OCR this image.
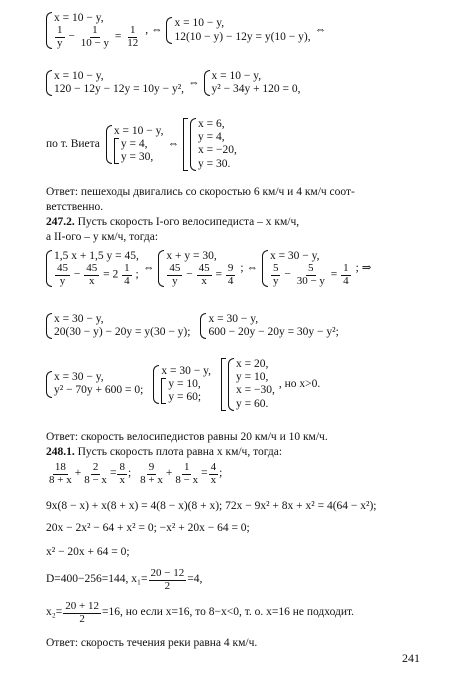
x = 10 − y,
$\frac{1}{y} - \frac{1}{10 - y} = \frac{1}{12}$ , ⇔
x = 10 − y,
12(10 − y) − 12y = y(10 − y),
⇔
x = 10 − y,
120 − 12y − 12y = 10y − y²,
⇔
x = 10 − y,
y² − 34y + 120 = 0,
по т. Виета
x = 10 − y,
y = 4,
y = 30,
⇔
x = 6,
y = 4,
x = −20,
y = 30.
Ответ: пешеходы двигались со скоростью 6 км/ч и 4 км/ч соот-
ветственно.
247.2. Пусть скорость I-ого велосипедиста – x км/ч,
а II-ого – y км/ч, тогда:
1,5 x + 1,5 y = 45,
$\frac{45}{y} - \frac{45}{x} = 2 \frac{1}{4}$ ;
⇔
x + y = 30,
$\frac{45}{y} - \frac{45}{x} = \frac{9}{4}$ ; ⇔
x = 30 − y,
$\frac{5}{y} - \frac{5}{30 - y} = \frac{1}{4}$ ; ⇒
x = 30 − y,
20(30 − y) − 20y = y(30 − y);
x = 30 − y,
600 − 20y − 20y = 30y − y²;
x = 30 − y,
y² − 70y + 600 = 0;
x = 30 − y,
y = 10,
y = 60;
x = 20,
y = 10,
x = −30,
y = 60.
, но x>0.
Ответ: скорость велосипедистов равны 20 км/ч и 10 км/ч.
248.1. Пусть скорость плота равна x км/ч, тогда:
$\frac{18}{8 + x} + \frac{2}{8 - x} = \frac{8}{x}$ ; $\frac{9}{8 + x} + \frac{1}{8 - x} = \frac{4}{x}$ ;
9x(8 − x) + x(8 + x) = 4(8 − x)(8 + x); 72x − 9x² + 8x + x² = 4(64 − x²);
20x − 2x² − 64 + x² = 0; −x² + 20x − 64 = 0;
x² − 20x + 64 = 0;
D=400−256=144, $x_1= \frac{20 - 12}{2} =4$,
$x_2= \frac{20 + 12}{2} =16$, но если x=16, то 8−x<0, т. о. x=16 не подходит.
Ответ: скорость течения реки равна 4 км/ч.
241
